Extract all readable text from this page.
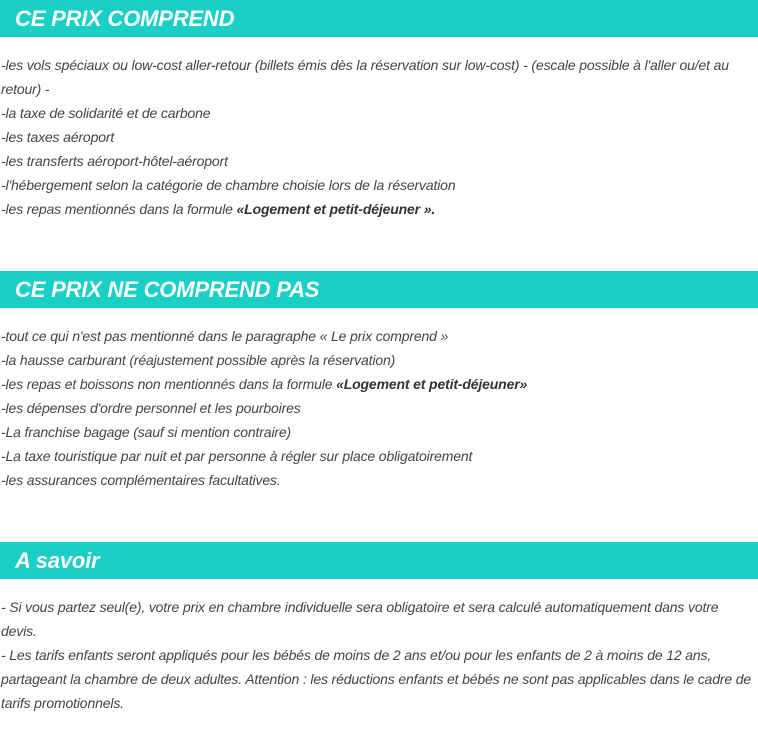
CE PRIX COMPREND

-les vols spéciaux ou low-cost aller-retour (billets émis dès la réservation sur low-cost) - (escale possible à l'aller ou/et au retour) -

-la taxe de solidarité et de carbone

-les taxes aéroport

-les transferts aéroport-hôtel-aéroport

-l'hébergement selon la catégorie de chambre choisie lors de la réservation

-les repas mentionnés dans la formule «Logement et petit-déjeuner ».

CE PRIX NE COMPREND PAS

-tout ce qui n'est pas mentionné dans le paragraphe « Le prix comprend »

-la hausse carburant (réajustement possible après la réservation)

-les repas et boissons non mentionnés dans la formule «Logement et petit-déjeuner»

-les dépenses d'ordre personnel et les pourboires

-La franchise bagage (sauf si mention contraire)

-La taxe touristique par nuit et par personne à régler sur place obligatoirement

-les assurances complémentaires facultatives.

A savoir

- Si vous partez seul(e), votre prix en chambre individuelle sera obligatoire et sera calculé automatiquement dans votre devis.

- Les tarifs enfants seront appliqués pour les bébés de moins de 2 ans et/ou pour les enfants de 2 à moins de 12 ans, partageant la chambre de deux adultes. Attention : les réductions enfants et bébés ne sont pas applicables dans le cadre de tarifs promotionnels.
